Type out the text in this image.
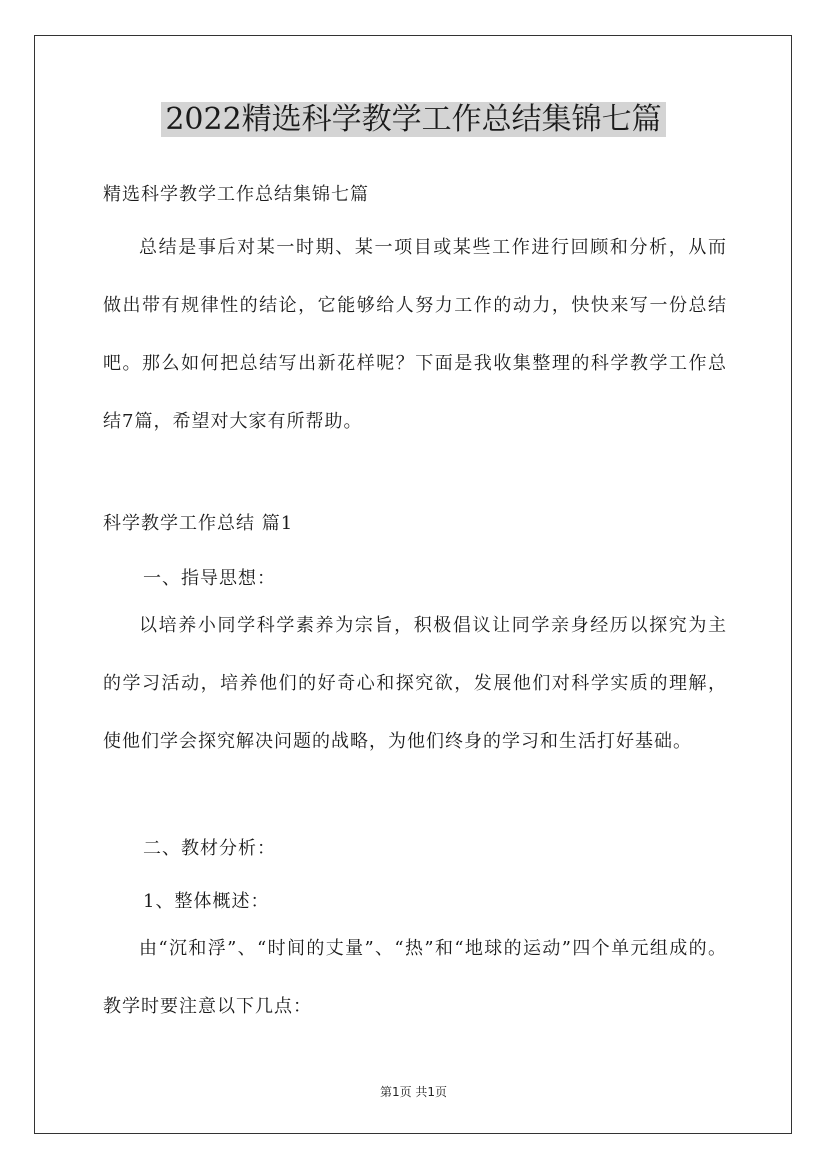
2022精选科学教学工作总结集锦七篇
精选科学教学工作总结集锦七篇

总结是事后对某一时期、某一项目或某些工作进行回顾和分析，从而做出带有规律性的结论，它能够给人努力工作的动力，快快来写一份总结吧。那么如何把总结写出新花样呢？下面是我收集整理的科学教学工作总结7篇，希望对大家有所帮助。

科学教学工作总结 篇1
一、指导思想：

以培养小同学科学素养为宗旨，积极倡议让同学亲身经历以探究为主的学习活动，培养他们的好奇心和探究欲，发展他们对科学实质的理解，使他们学会探究解决问题的战略，为他们终身的学习和生活打好基础。

二、教材分析：
1、整体概述：

由“沉和浮”、“时间的丈量”、“热”和“地球的运动”四个单元组成的。教学时要注意以下几点：

第1页 共1页
